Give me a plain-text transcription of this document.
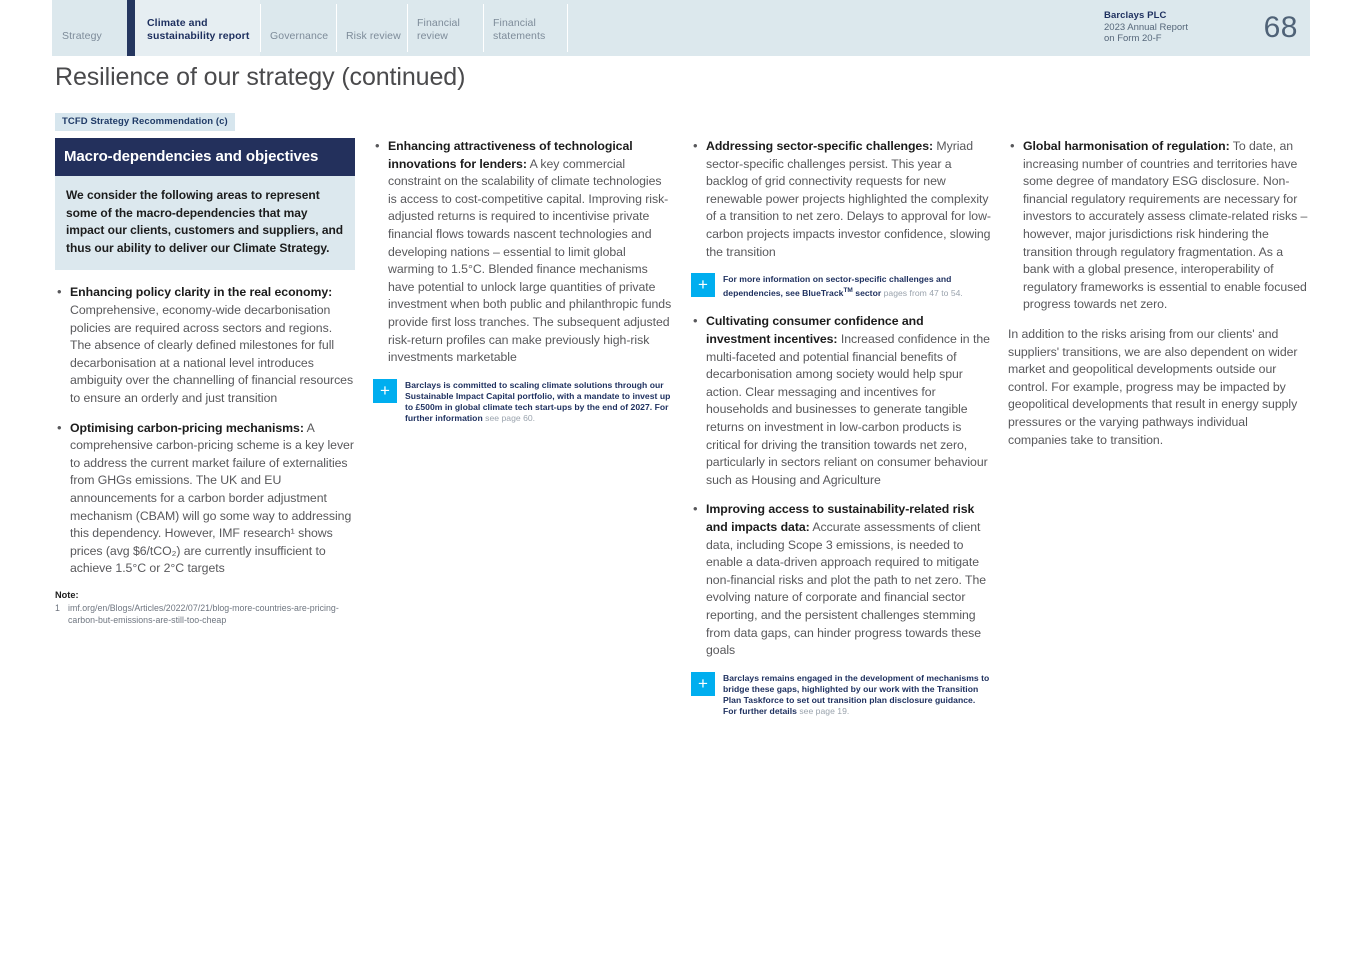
Strategy
Climate and sustainability report	Governance Risk review
Financial review
Financial statements
Barclays PLC
2023 Annual Report
on Form 20-F	68
Resilience of our strategy (continued)
TCFD Strategy Recommendation (c)
Macro-dependencies and objectives
We consider the following areas to represent some of the macro-dependencies that may impact our clients, customers and suppliers, and thus our ability to deliver our Climate Strategy.
• Enhancing policy clarity in the real economy: Comprehensive, economy-wide decarbonisation policies are required across sectors and regions. The absence of clearly defined milestones for full decarbonisation at a national level introduces ambiguity over the channelling of financial resources to ensure an orderly and just transition
• Optimising carbon-pricing mechanisms: A comprehensive carbon-pricing scheme is a key lever to address the current market failure of externalities from GHGs emissions. The UK and EU announcements for a carbon border adjustment mechanism (CBAM) will go some way to addressing this dependency. However, IMF research¹ shows prices (avg $6/tCO₂) are currently insufficient to achieve 1.5°C or 2°C targets
Note:
1 imf.org/en/Blogs/Articles/2022/07/21/blog-more-countries-are-pricing-carbon-but-emissions-are-still-too-cheap
• Enhancing attractiveness of technological innovations for lenders: A key commercial constraint on the scalability of climate technologies is access to cost-competitive capital. Improving risk-adjusted returns is required to incentivise private financial flows towards nascent technologies and developing nations – essential to limit global warming to 1.5°C. Blended finance mechanisms have potential to unlock large quantities of private investment when both public and philanthropic funds provide first loss tranches. The subsequent adjusted risk-return profiles can make previously high-risk investments marketable
+	Barclays is committed to scaling climate solutions through our Sustainable Impact Capital portfolio, with a mandate to invest up to £500m in global climate tech start-ups by the end of 2027. For further information see page 60.
• Addressing sector-specific challenges: Myriad sector-specific challenges persist. This year a backlog of grid connectivity requests for new renewable power projects highlighted the complexity of a transition to net zero. Delays to approval for low-carbon projects impacts investor confidence, slowing the transition
+	For more information on sector-specific challenges and dependencies, see BlueTrack™ sector pages from 47 to 54.
• Cultivating consumer confidence and investment incentives: Increased confidence in the multi-faceted and potential financial benefits of decarbonisation among society would help spur action. Clear messaging and incentives for households and businesses to generate tangible returns on investment in low-carbon products is critical for driving the transition towards net zero, particularly in sectors reliant on consumer behaviour such as Housing and Agriculture
• Improving access to sustainability-related risk and impacts data: Accurate assessments of client data, including Scope 3 emissions, is needed to enable a data-driven approach required to mitigate non-financial risks and plot the path to net zero. The evolving nature of corporate and financial sector reporting, and the persistent challenges stemming from data gaps, can hinder progress towards these goals
+	Barclays remains engaged in the development of mechanisms to bridge these gaps, highlighted by our work with the Transition Plan Taskforce to set out transition plan disclosure guidance. For further details see page 19.
• Global harmonisation of regulation: To date, an increasing number of countries and territories have some degree of mandatory ESG disclosure. Non-financial regulatory requirements are necessary for investors to accurately assess climate-related risks – however, major jurisdictions risk hindering the transition through regulatory fragmentation. As a bank with a global presence, interoperability of regulatory frameworks is essential to enable focused progress towards net zero.

In addition to the risks arising from our clients' and suppliers' transitions, we are also dependent on wider market and geopolitical developments outside our control. For example, progress may be impacted by geopolitical developments that result in energy supply pressures or the varying pathways individual companies take to transition.
